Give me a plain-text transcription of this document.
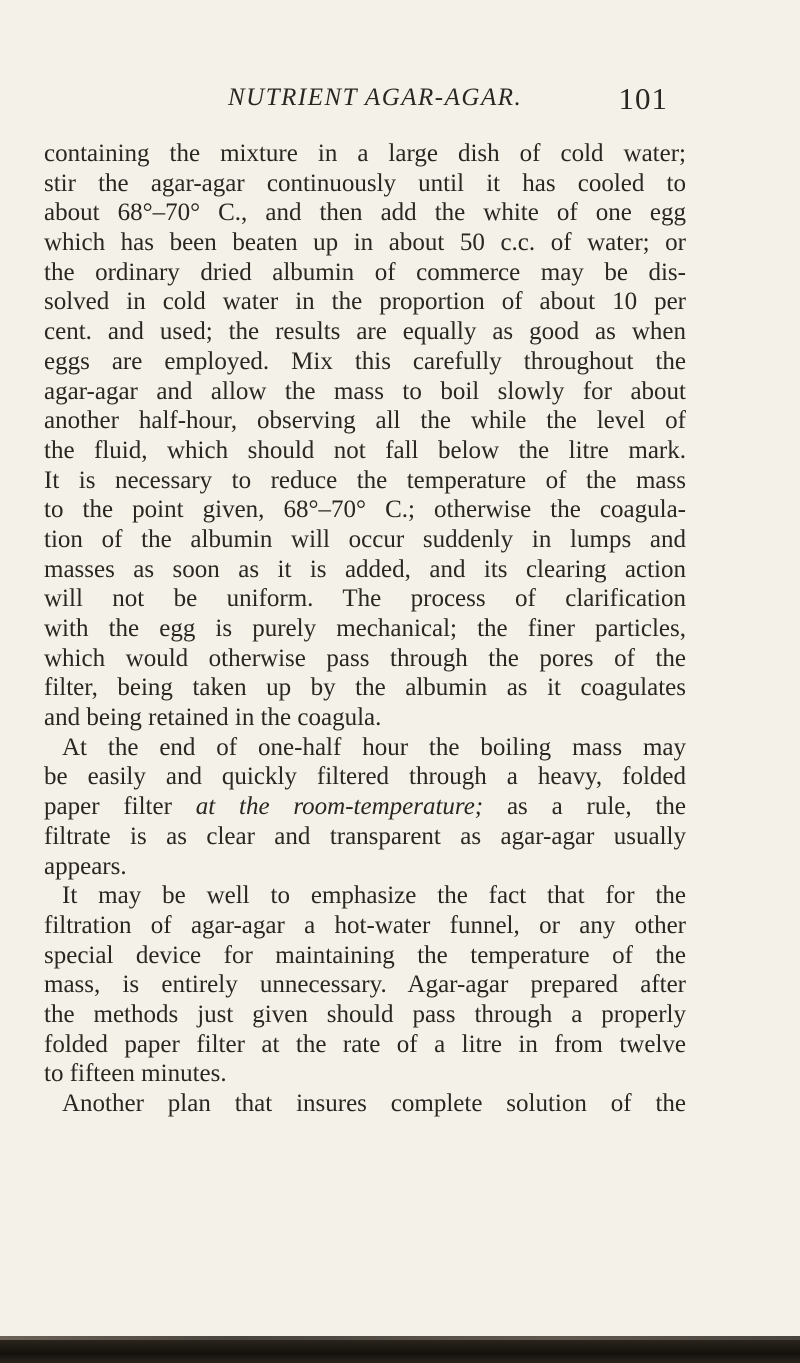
NUTRIENT AGAR-AGAR.	101
containing the mixture in a large dish of cold water;
stir the agar-agar continuously until it has cooled to
about 68°–70° C., and then add the white of one egg
which has been beaten up in about 50 c.c. of water; or
the ordinary dried albumin of commerce may be dis-
solved in cold water in the proportion of about 10 per
cent. and used; the results are equally as good as when
eggs are employed. Mix this carefully throughout the
agar-agar and allow the mass to boil slowly for about
another half-hour, observing all the while the level of
the fluid, which should not fall below the litre mark.
It is necessary to reduce the temperature of the mass
to the point given, 68°–70° C.; otherwise the coagula-
tion of the albumin will occur suddenly in lumps and
masses as soon as it is added, and its clearing action
will not be uniform. The process of clarification
with the egg is purely mechanical; the finer particles,
which would otherwise pass through the pores of the
filter, being taken up by the albumin as it coagulates
and being retained in the coagula.
At the end of one-half hour the boiling mass may
be easily and quickly filtered through a heavy, folded
paper filter at the room-temperature; as a rule, the
filtrate is as clear and transparent as agar-agar usually
appears.
It may be well to emphasize the fact that for the
filtration of agar-agar a hot-water funnel, or any other
special device for maintaining the temperature of the
mass, is entirely unnecessary. Agar-agar prepared after
the methods just given should pass through a properly
folded paper filter at the rate of a litre in from twelve
to fifteen minutes.
Another plan that insures complete solution of the
